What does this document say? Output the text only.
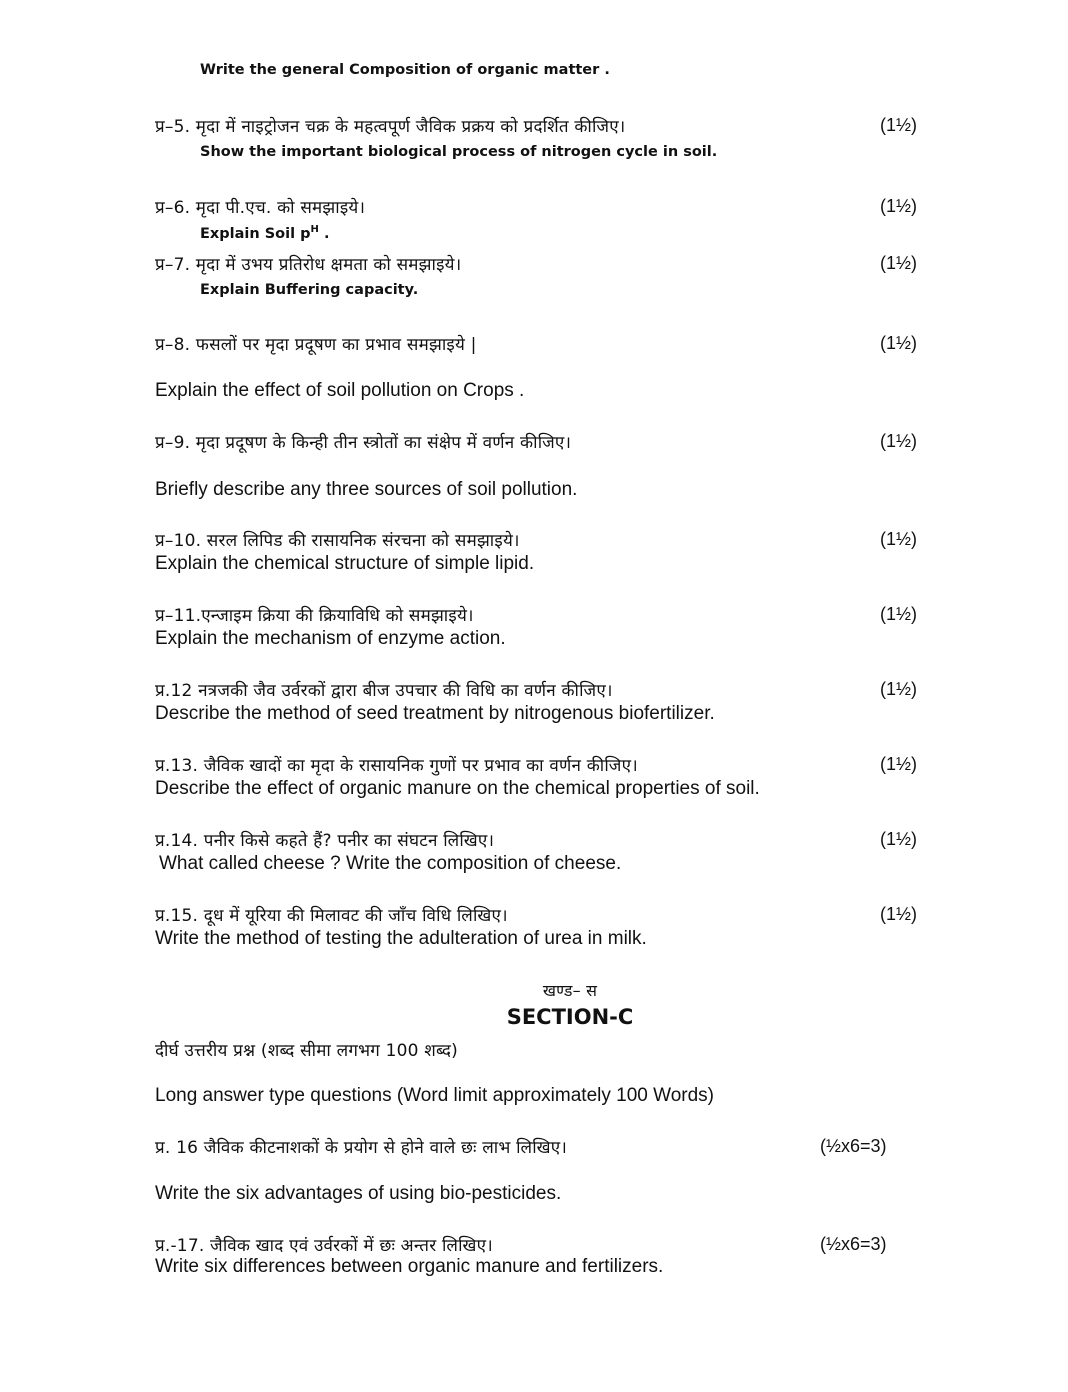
Write the general Composition of organic matter .
प्र–5. मृदा में नाइट्रोजन चक्र के महत्वपूर्ण जैविक प्रक्रय को प्रदर्शित कीजिए।	(1½)
Show the important biological process of nitrogen cycle in soil.
प्र–6. मृदा पी.एच. को समझाइये।	(1½)
Explain Soil $p^H$ .
प्र–7. मृदा में उभय प्रतिरोध क्षमता को समझाइये।	(1½)
Explain Buffering capacity.
प्र–8. फसलों पर मृदा प्रदूषण का प्रभाव समझाइये |	(1½)
Explain the effect of soil pollution on Crops .
प्र–9. मृदा प्रदूषण के किन्ही तीन स्त्रोतों का संक्षेप में वर्णन कीजिए।	(1½)
Briefly describe any three sources of soil pollution.
प्र–10. सरल लिपिड की रासायनिक संरचना को समझाइये।	(1½)
Explain the chemical structure of simple lipid.
प्र–11.एन्जाइम क्रिया की क्रियाविधि को समझाइये।	(1½)
Explain the mechanism of enzyme action.
प्र.12 नत्रजकी जैव उर्वरकों द्वारा बीज उपचार की विधि का वर्णन कीजिए।	(1½)
Describe the method of seed treatment by nitrogenous biofertilizer.
प्र.13. जैविक खादों का मृदा के रासायनिक गुणों पर प्रभाव का वर्णन कीजिए।	(1½)
Describe the effect of organic manure on the chemical properties of soil.
प्र.14. पनीर किसे कहते हैं? पनीर का संघटन लिखिए।	(1½)
What called cheese ? Write the composition of cheese.
प्र.15. दूध में यूरिया की मिलावट की जाँच विधि लिखिए।	(1½)
Write the method of testing the adulteration of urea in milk.
खण्ड– स
SECTION-C
दीर्घ उत्तरीय प्रश्न (शब्द सीमा लगभग 100 शब्द)
Long answer type questions (Word limit approximately 100 Words)
प्र. 16 जैविक कीटनाशकों के प्रयोग से होने वाले छः लाभ लिखिए।	(½x6=3)
Write the six advantages of using bio-pesticides.
प्र.-17. जैविक खाद एवं उर्वरकों में छः अन्तर लिखिए।	(½x6=3)
Write six differences between organic manure and fertilizers.
